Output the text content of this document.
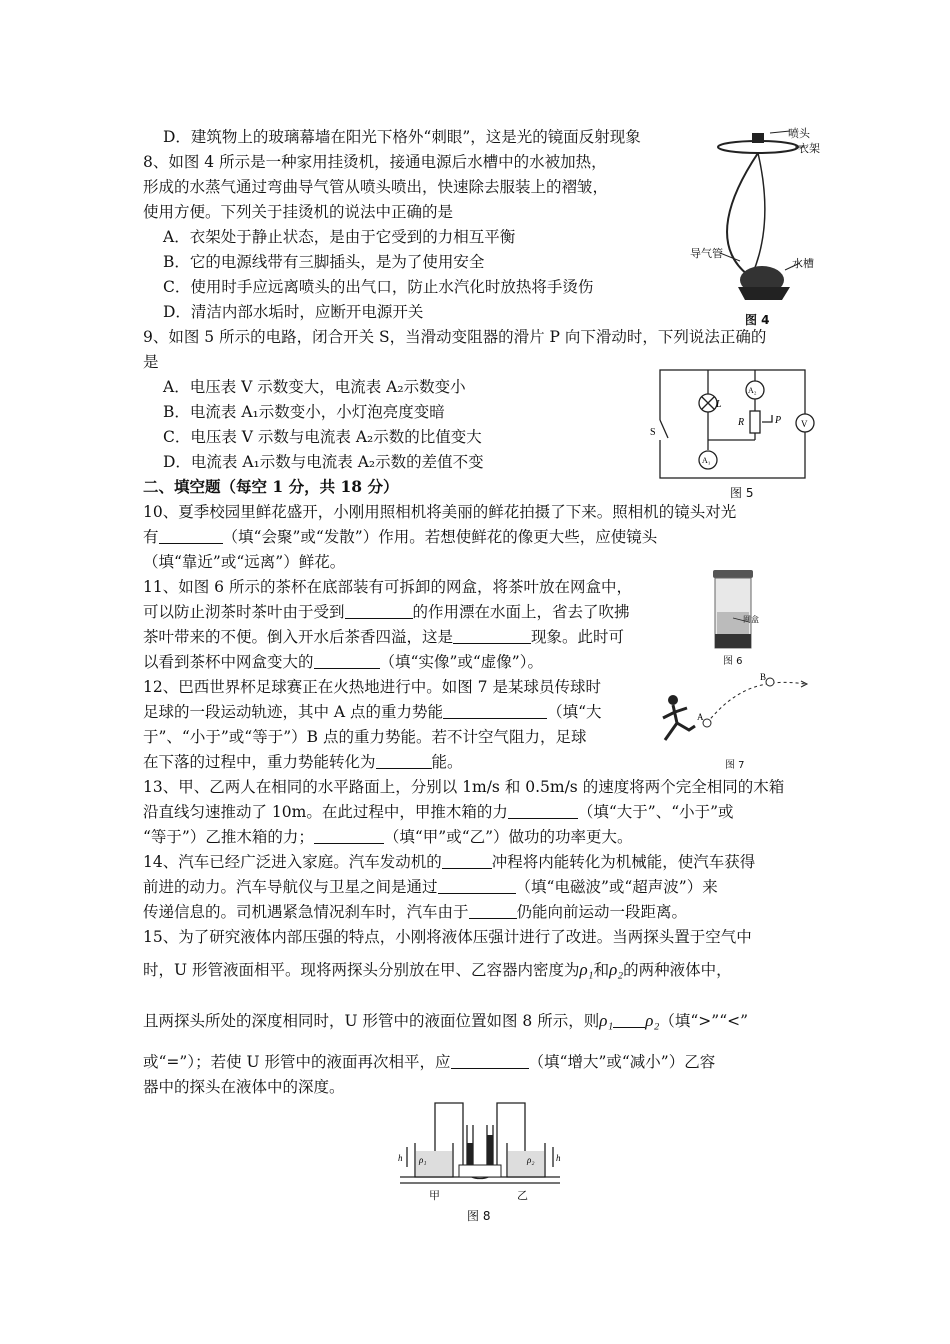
D．建筑物上的玻璃幕墙在阳光下格外“刺眼”，这是光的镜面反射现象
8、如图 4 所示是一种家用挂烫机，接通电源后水槽中的水被加热，
形成的水蒸气通过弯曲导气管从喷头喷出，快速除去服装上的褶皱，
使用方便。下列关于挂烫机的说法中正确的是
A．衣架处于静止状态，是由于它受到的力相互平衡
B．它的电源线带有三脚插头，是为了使用安全
C．使用时手应远离喷头的出气口，防止水汽化时放热将手烫伤
D．清洁内部水垢时，应断开电源开关
喷头
衣架
导气管
水槽
图 4
9、如图 5 所示的电路，闭合开关 S，当滑动变阻器的滑片 P 向下滑动时，下列说法正确的
是
A．电压表 V 示数变大，电流表 A₂示数变小
B．电流表 A₁示数变小，小灯泡亮度变暗
C．电压表 V 示数与电流表 A₂示数的比值变大
D．电流表 A₁示数与电流表 A₂示数的差值不变
L
A₂
R	P
S
V
A₁
图 5
二、填空题（每空 1 分，共 18 分）
10、夏季校园里鲜花盛开，小刚用照相机将美丽的鲜花拍摄了下来。照相机的镜头对光
有	（填“会聚”或“发散”）作用。若想使鲜花的像更大些，应使镜头
（填“靠近”或“远离”）鲜花。
11、如图 6 所示的茶杯在底部装有可拆卸的网盒，将茶叶放在网盒中，
可以防止沏茶时茶叶由于受到	的作用漂在水面上，省去了吹拂
茶叶带来的不便。倒入开水后茶香四溢，这是	现象。此时可
以看到茶杯中网盒变大的	（填“实像”或“虚像”）。
网盒
图 6
12、巴西世界杯足球赛正在火热地进行中。如图 7 是某球员传球时
足球的一段运动轨迹，其中 A 点的重力势能	（填“大
于”、“小于”或“等于”）B 点的重力势能。若不计空气阻力，足球
在下落的过程中，重力势能转化为	能。
A
B
图 7
13、甲、乙两人在相同的水平路面上，分别以 1m/s 和 0.5m/s 的速度将两个完全相同的木箱
沿直线匀速推动了 10m。在此过程中，甲推木箱的力	（填“大于”、“小于”或
“等于”）乙推木箱的力；	（填“甲”或“乙”）做功的功率更大。
14、汽车已经广泛进入家庭。汽车发动机的	冲程将内能转化为机械能，使汽车获得
前进的动力。汽车导航仪与卫星之间是通过	（填“电磁波”或“超声波”）来
传递信息的。司机遇紧急情况刹车时，汽车由于	仍能向前运动一段距离。
15、为了研究液体内部压强的特点，小刚将液体压强计进行了改进。当两探头置于空气中
时，U 形管液面相平。现将两探头分别放在甲、乙容器内密度为ρ₁和ρ₂的两种液体中，
且两探头所处的深度相同时，U 形管中的液面位置如图 8 所示，则ρ₁ ρ₂（填“>”“<”
或“=”）；若使 U 形管中的液面再次相平，应	（填“增大”或“减小”）乙容
器中的探头在液体中的深度。
h	h
ρ₁	ρ₂
甲	乙
图 8
